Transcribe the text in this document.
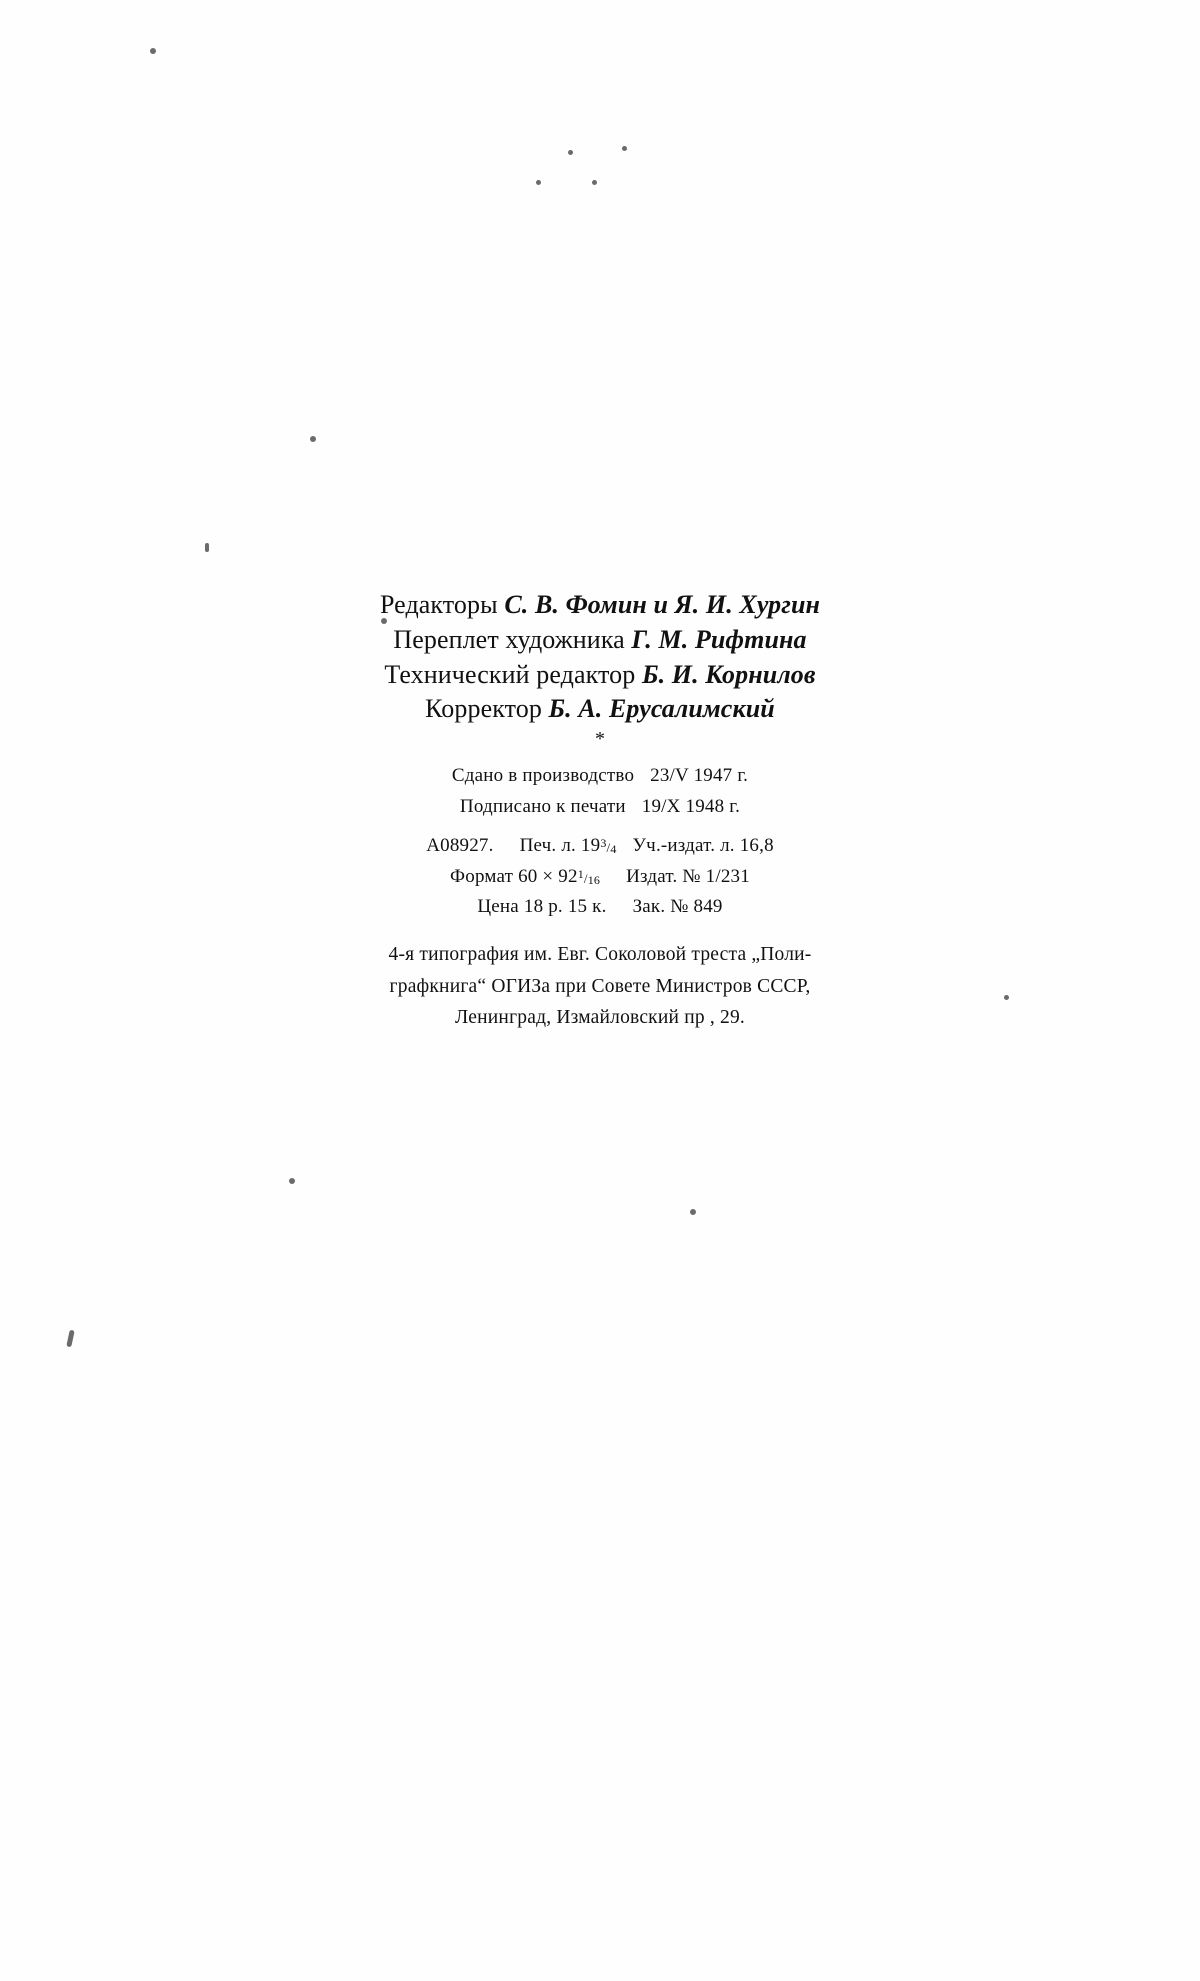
Редакторы С. В. Фомин и Я. И. Хургин
Переплет художника Г. М. Рифтина
Технический редактор Б. И. Корнилов
Корректор Б. А. Ерусалимский
*
Сдано в производство 23/V 1947 г.
Подписано к печати 19/X 1948 г.
А08927. Печ. л. $19^3/_4$ Уч.-издат. л. 16,8
Формат $60 \times 92^1/_{16}$ Издат. № 1/231
Цена 18 р. 15 к. Зак. № 849
4-я типография им. Евг. Соколовой треста „Поли-
графкнига“ ОГИЗа при Совете Министров СССР,
Ленинград, Измайловский пр , 29.
